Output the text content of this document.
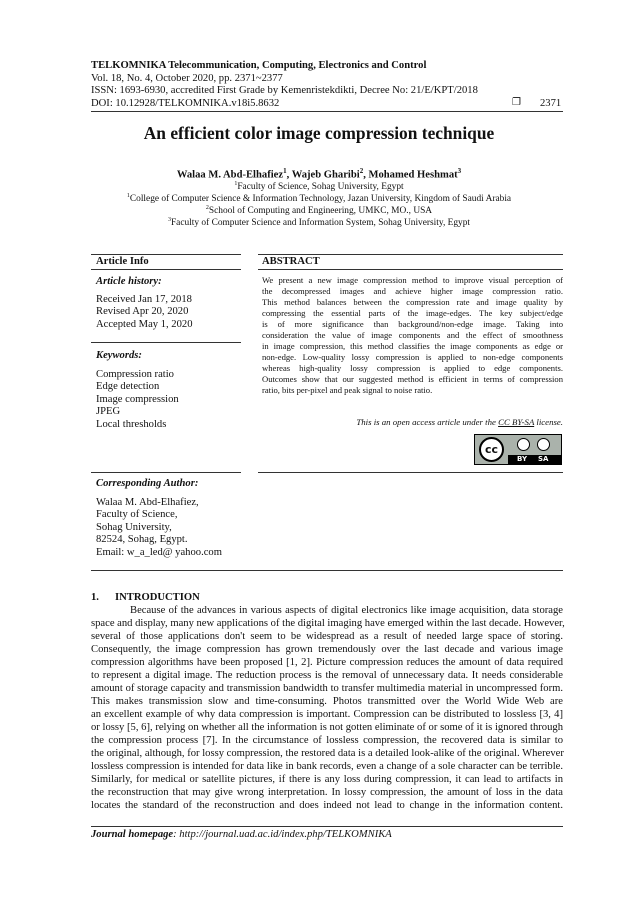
TELKOMNIKA Telecommunication, Computing, Electronics and Control
Vol. 18, No. 4, October 2020, pp. 2371~2377
ISSN: 1693-6930, accredited First Grade by Kemenristekdikti, Decree No: 21/E/KPT/2018
DOI: 10.12928/TELKOMNIKA.v18i5.8632	❐ 2371
An efficient color image compression technique
Walaa M. Abd-Elhafiez$^1$, Wajeb Gharibi$^2$, Mohamed Heshmat$^3$
$^1$Faculty of Science, Sohag University, Egypt
$^1$College of Computer Science & Information Technology, Jazan University, Kingdom of Saudi Arabia
$^2$School of Computing and Engineering, UMKC, MO., USA
$^3$Faculty of Computer Science and Information System, Sohag University, Egypt
Article Info	ABSTRACT
Article history:
Received Jan 17, 2018
Revised Apr 20, 2020
Accepted May 1, 2020
Keywords:
Compression ratio
Edge detection
Image compression
JPEG
Local thresholds
We present a new image compression method to improve visual perception of
the decompressed images and achieve higher image compression ratio.
This method balances between the compression rate and image quality by
compressing the essential parts of the image-edges. The key subject/edge
is of more significance than background/non-edge image. Taking into
consideration the value of image components and the effect of smoothness
in image compression, this method classifies the image components as edge or
non-edge. Low-quality lossy compression is applied to non-edge components
whereas high-quality lossy compression is applied to edge components.
Outcomes show that our suggested method is efficient in terms of compression
ratio, bits per-pixel and peak signal to noise ratio.
This is an open access article under the CC BY-SA license.
cc
BY SA
Corresponding Author:
Walaa M. Abd-Elhafiez,
Faculty of Science,
Sohag University,
82524, Sohag, Egypt.
Email: w_a_led@ yahoo.com
1. INTRODUCTION
Because of the advances in various aspects of digital electronics like image acquisition, data storage
space and display, many new applications of the digital imaging have emerged within the last decade. However,
several of those applications don't seem to be widespread as a result of needed large space of storing.
Consequently, the image compression has grown tremendously over the last decade and various image
compression algorithms have been proposed [1, 2]. Picture compression reduces the amount of data required
to represent a digital image. The reduction process is the removal of unnecessary data. It needs considerable
amount of storage capacity and transmission bandwidth to transfer multimedia material in uncompressed form.
This makes transmission slow and time-consuming. Photos transmitted over the World Wide Web are
an excellent example of why data compression is important. Compression can be distributed to lossless [3, 4]
or lossy [5, 6], relying on whether all the information is not gotten eliminate of or some of it is ignored through
the compression process [7]. In the circumstance of lossless compression, the recovered data is similar to
the original, although, for lossy compression, the restored data is a detailed look-alike of the original. Wherever
lossless compression is intended for data like in bank records, even a change of a sole character can be terrible.
Similarly, for medical or satellite pictures, if there is any loss during compression, it can lead to artifacts in
the reconstruction that may give wrong interpretation. In lossy compression, the amount of loss in the data
locates the standard of the reconstruction and does indeed not lead to change in the information content.
Journal homepage: http://journal.uad.ac.id/index.php/TELKOMNIKA
